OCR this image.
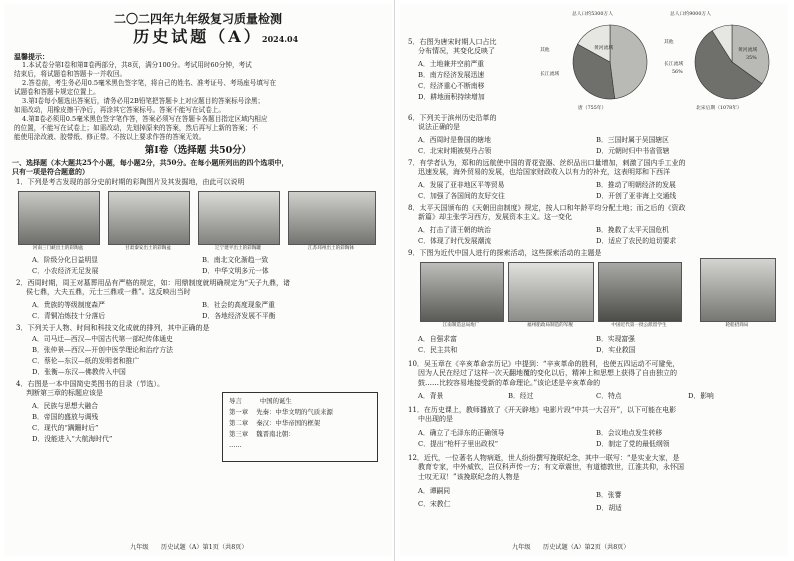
二〇二四年九年级复习质量检测
历史试题（A） 2024.04
温馨提示：
1.本试卷分第Ⅰ卷和第Ⅱ卷两部分，共8页，满分100分。考试用时60分钟，考试
结束后，将试题卷和答题卡一并收回。
2.答卷前，考生务必用0.5毫米黑色签字笔，将自己的姓名、准考证号、考场座号填写在
试题卷和答题卡规定位置上。
3.第Ⅰ卷每小题选出答案后，请务必用2B铅笔把答题卡上对应题目的答案标号涂黑；
如需改动，用橡皮擦干净后，再涂其它答案标号。答案不能写在试卷上。
4.第Ⅱ卷必须用0.5毫米黑色签字笔作答，答案必须写在答题卡各题目指定区域内相应
的位置，不能写在试卷上；如需改动，先划掉原来的答案，然后再写上新的答案；不
能使用涂改液、胶带纸、修正带。不按以上要求作答的答案无效。
第Ⅰ卷（选择题 共50分）
一、选择题（本大题共25个小题，每小题2分，共50分。在每小题所列出的四个选项中，
只有一项是符合题意的）
1．下列是考古发现的部分史前时期的彩陶图片及其发掘地，由此可以说明
河南三门峡出土的彩陶盆	甘肃秦安出土的彩陶盆	辽宁建平出土的彩陶罐	江苏邳州出土的彩陶钵
A．阶级分化日益明显	B．南北文化渐趋一致
C．小农经济无足发展	D．中华文明多元一体
2．西周时期，周王对墓葬用品有严格的规定，如：用鼎制度就明确规定为“天子九鼎，诸
侯七鼎，大夫五鼎，元士三鼎或一鼎”。这反映出当时
A．贵族的等级制度森严	B．社会的高度现象严重
C．青铜冶炼技十分落后	D．各地经济发展不平衡
3．下列关于人物、时间和科技文化成就的排列，其中正确的是
A．司马迁—西汉—中国古代第一部纪传体通史
B．张仲景—西汉—开创中医学理论和治疗方法
C．蔡伦—东汉—纸的发明者和推广
D．张衡—东汉—佛教传入中国
4．右图是一本中国简史类图书的目录（节选）。
判断第三章的标题应该是
A．民族与思想大融合
B．帝国的盛放与调残
C．现代的“蹒跚时后”
D．没能进入“大航海时代”
导言	中国的诞生
第一章 先秦：中华文明的气质来源
第二章 秦汉：中华帝国的框架
第三章 魏晋南北朝：
……
九年级　　历史试题（A）第1页（共8页）
5．右图为唐宋时期人口占比
分布情况，其变化反映了
A．土地兼并空前严重
B．南方经济发展迅速
C．经济重心不断南移
D．耕地面积持续增加
总人口约5300万人
黄河流域
长江流域
其他
唐（755年）
总人口约9000万人
黄河流域
35%
长江流域
56%
其他
北宋后期（1078年）
6．下列关于滨州历史沿革的
说法正确的是
A．西周时是鲁国的辖地	B．三国时属于吴国辖区
C．北宋时期被契丹占领	D．元朝时归中书省管辖
7．有学者认为，郑和的远航使中国的青花瓷器、丝织品出口量增加，刺激了国内手工业的
迅速发展，海外贸易的发展，也给国家财政收入以有力的补充，这表明郑和下西洋
A．发展了亚非地区平等贸易	B．推动了明朝经济的发展
C．加强了各国间的友好交往	D．开创了亚非海上交通线
8．太平天国颁布的《天朝田亩制度》规定，按人口和年龄平均分配土地；而之后的《资政
新篇》却主张学习西方，发展资本主义。这一变化
A．打击了清王朝的统治	B．挽救了太平天国危机
C．体现了时代发展潮流	D．适应了农民的迫切要求
9．下图为近代中国人进行的探索活动，这些探索活动的主题是
江南制造总局炮厂	福州船政局制造的军舰	中国近代第一批公派留学生	轮船招商局
A．自强求富	B．实现富强
C．民主共和	D．实业救国
10．吴玉章在《辛亥革命亲历记》中提到：“辛亥革命的胜利，也使五四运动不可避免，
因为人民在经过了这样一次天翻地覆的变化以后，精神上和思想上获得了自由独立的
鼓……比较容易地接受新的革命理论。”该论述是辛亥革命的
A．背景	B．经过	C．特点	D．影响
11．在历史课上，教师播放了《开天辟地》电影片段“中共一大召开”，以下可能在电影
中出现的是
A．确立了毛泽东的正确领导	B．会议地点发生转移
C．提出“枪杆子里出政权”	D．制定了党的最低纲领
12．近代，一位著名人物病逝，世人纷纷撰写挽联纪念，其中一联写：“是实业大家，是
教育专家，中外威钦，岂仅科声传一方；有文章震世，有道德敦世，江淮共仰，永怀国
士叹无双！”该挽联纪念的人物是
A．谭嗣同	B．张謇
C．宋教仁	D．胡适
九年级　　历史试题（A）第2页（共8页）
